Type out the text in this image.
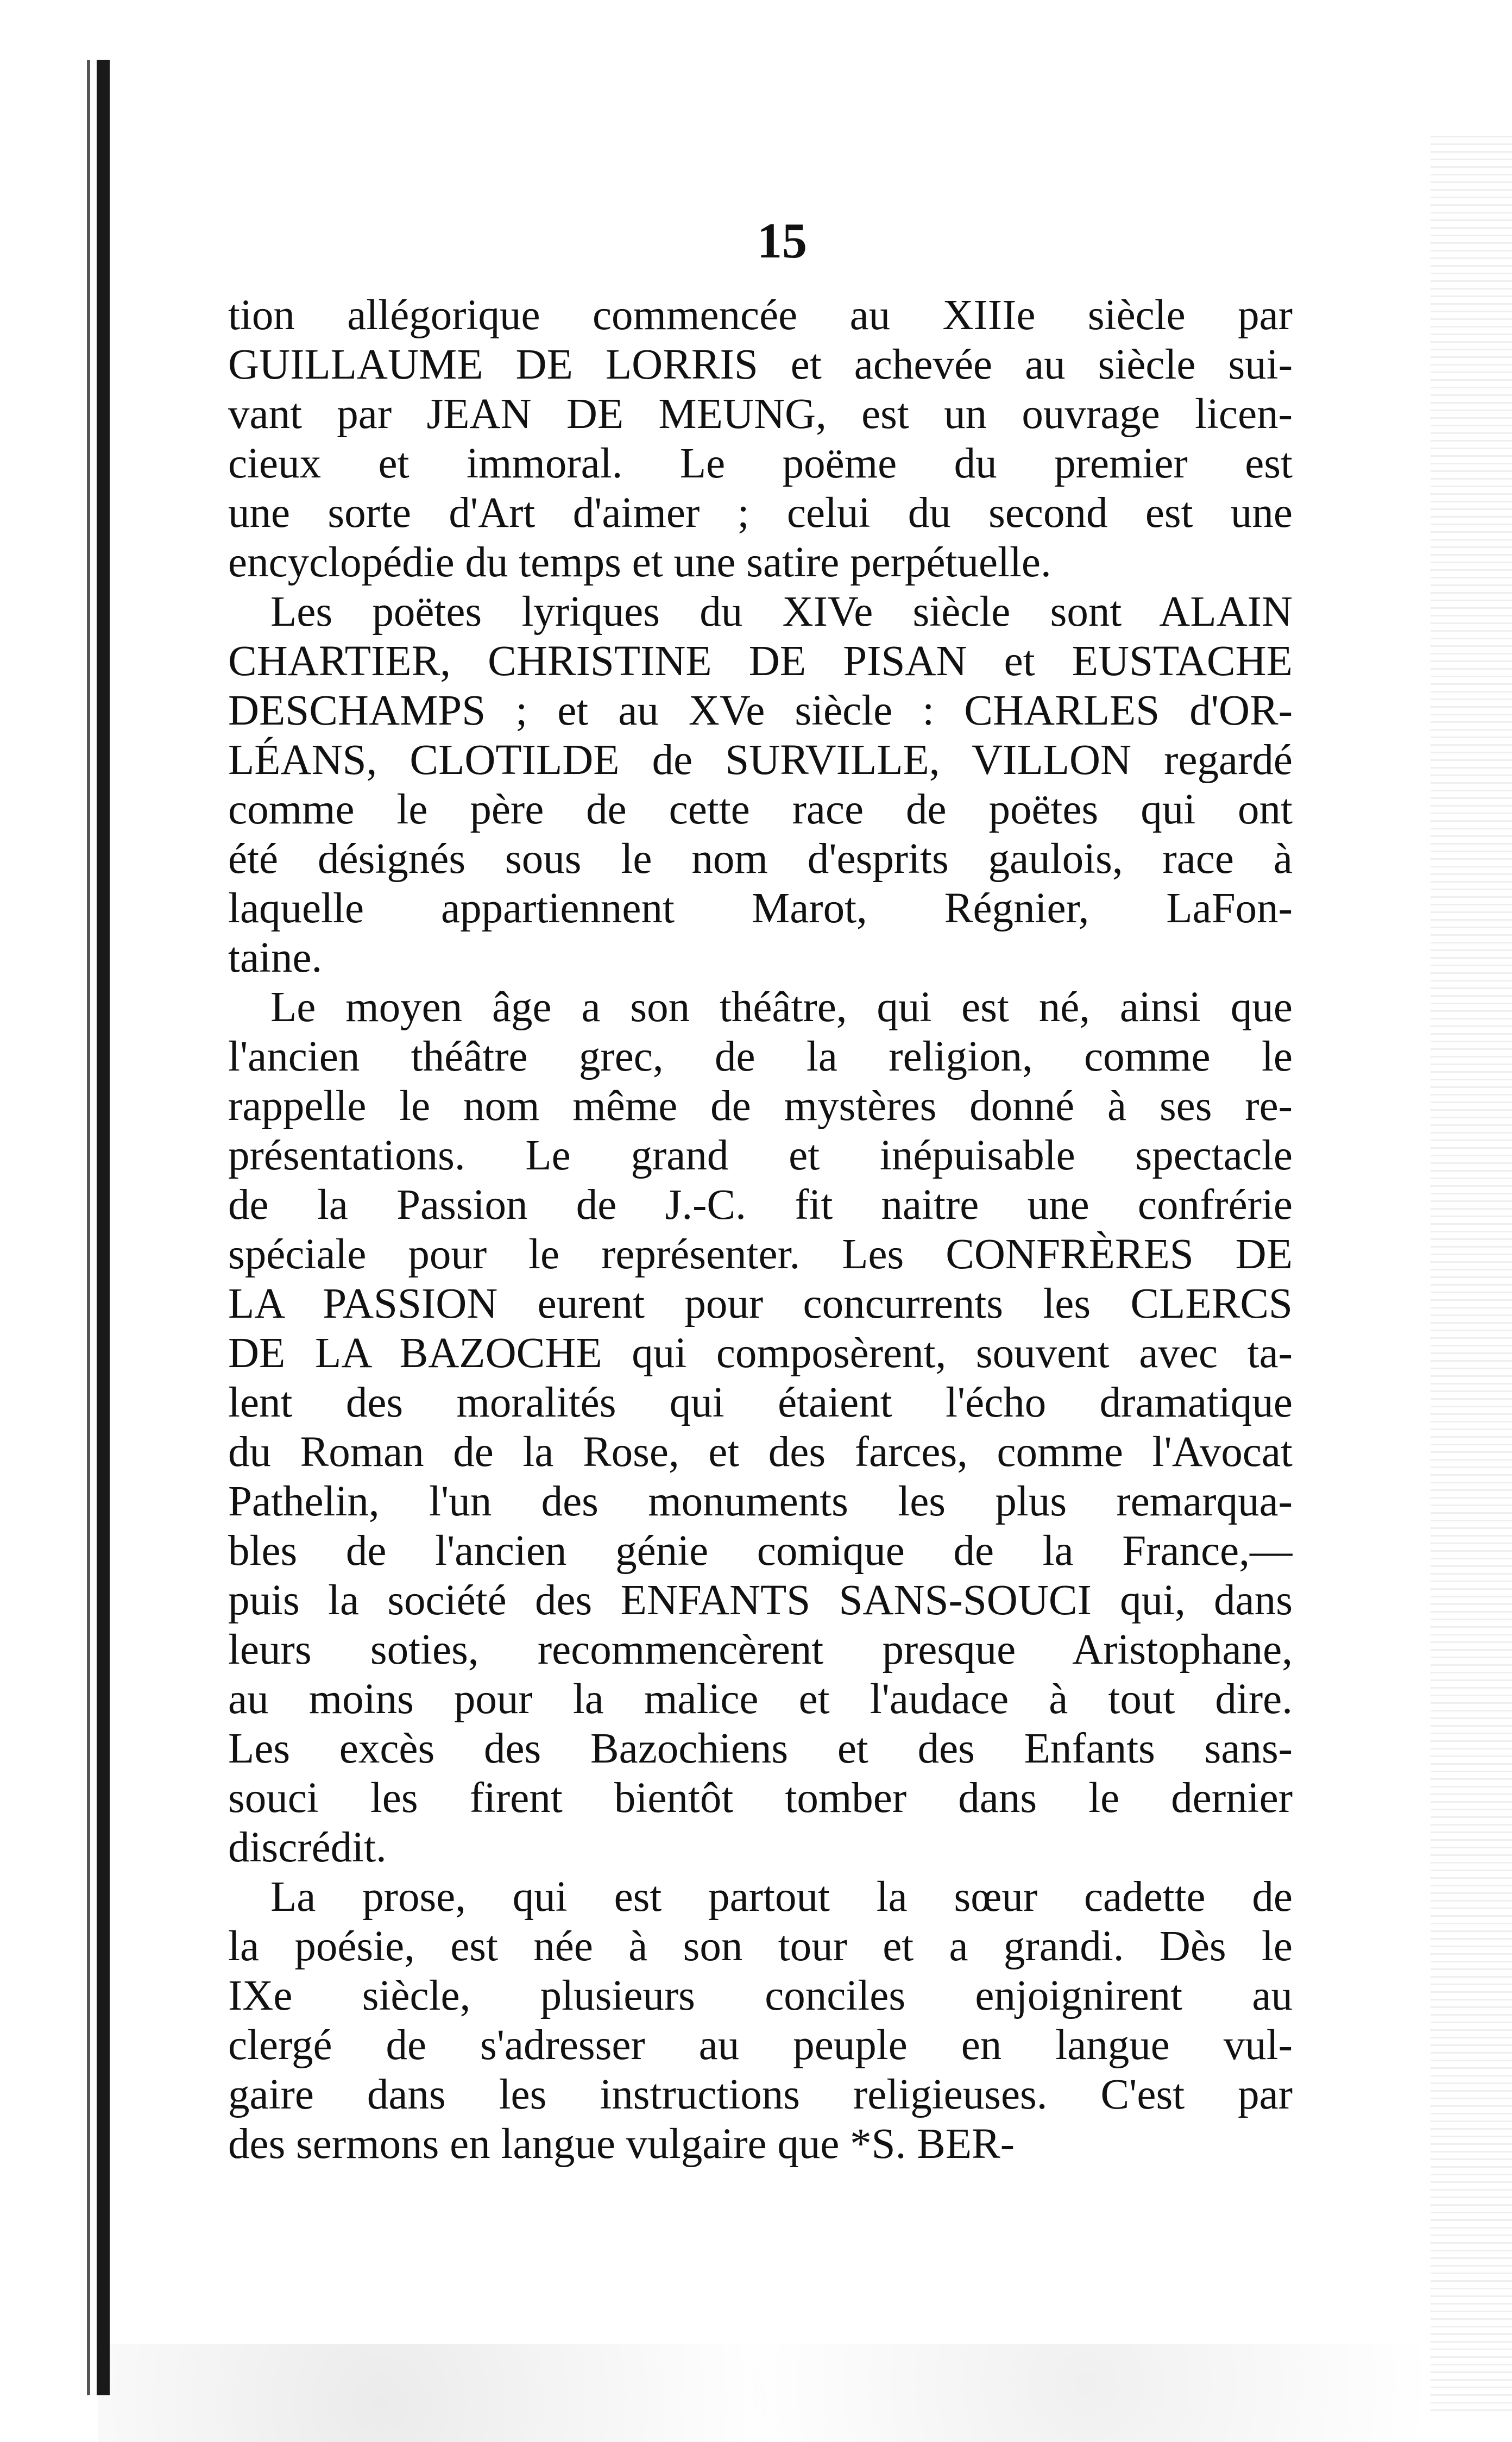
15
tion allégorique commencée au XIIIe siècle par
GUILLAUME DE LORRIS et achevée au siècle sui-
vant par JEAN DE MEUNG, est un ouvrage licen-
cieux et immoral. Le poëme du premier est
une sorte d'Art d'aimer ; celui du second est une
encyclopédie du temps et une satire perpétuelle.
Les poëtes lyriques du XIVe siècle sont ALAIN
CHARTIER, CHRISTINE DE PISAN et EUSTACHE
DESCHAMPS ; et au XVe siècle : CHARLES d'OR-
LÉANS, CLOTILDE de SURVILLE, VILLON regardé
comme le père de cette race de poëtes qui ont
été désignés sous le nom d'esprits gaulois, race à
laquelle appartiennent Marot, Régnier, LaFon-
taine.
Le moyen âge a son théâtre, qui est né, ainsi que
l'ancien théâtre grec, de la religion, comme le
rappelle le nom même de mystères donné à ses re-
présentations. Le grand et inépuisable spectacle
de la Passion de J.-C. fit naitre une confrérie
spéciale pour le représenter. Les CONFRÈRES DE
LA PASSION eurent pour concurrents les CLERCS
DE LA BAZOCHE qui composèrent, souvent avec ta-
lent des moralités qui étaient l'écho dramatique
du Roman de la Rose, et des farces, comme l'Avocat
Pathelin, l'un des monuments les plus remarqua-
bles de l'ancien génie comique de la France,—
puis la société des ENFANTS SANS-SOUCI qui, dans
leurs soties, recommencèrent presque Aristophane,
au moins pour la malice et l'audace à tout dire.
Les excès des Bazochiens et des Enfants sans-
souci les firent bientôt tomber dans le dernier
discrédit.
La prose, qui est partout la sœur cadette de
la poésie, est née à son tour et a grandi. Dès le
IXe siècle, plusieurs conciles enjoignirent au
clergé de s'adresser au peuple en langue vul-
gaire dans les instructions religieuses. C'est par
des sermons en langue vulgaire que *S. BER-
